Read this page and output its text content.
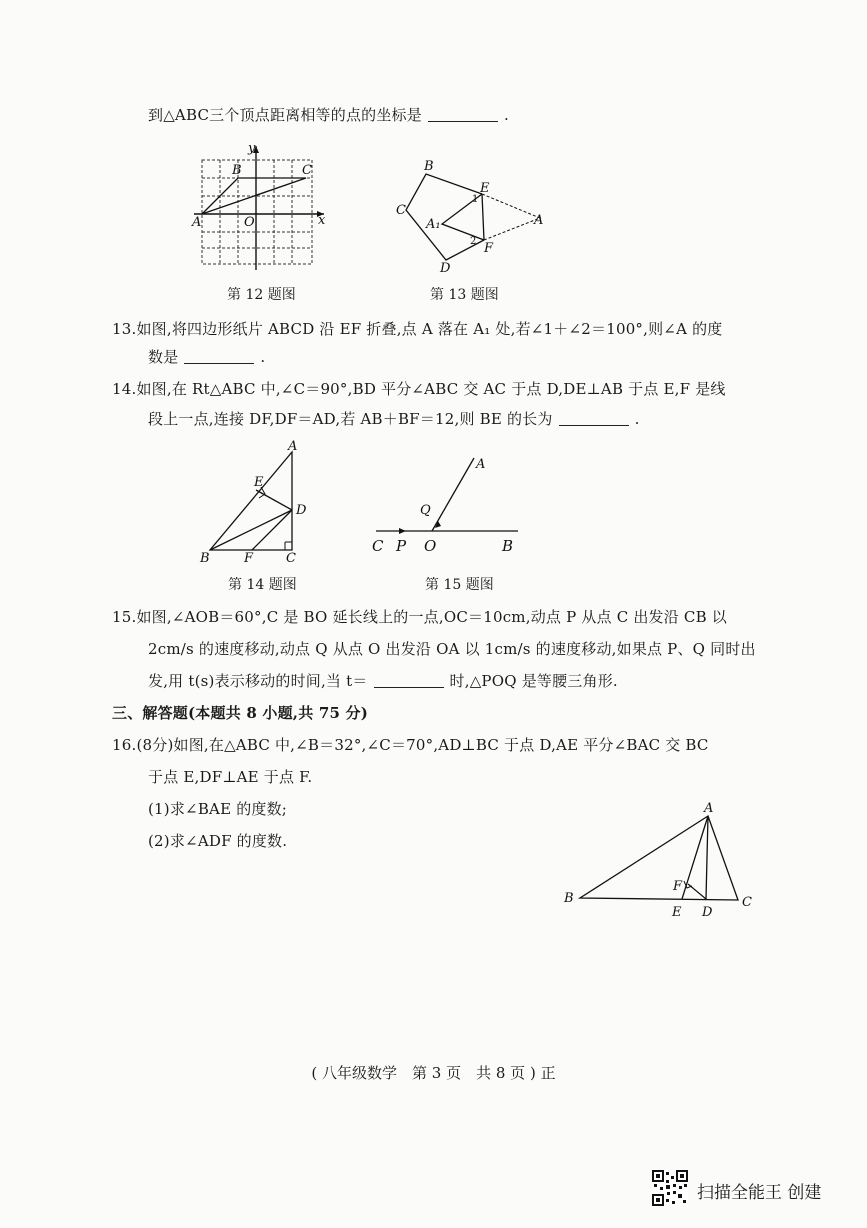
到△ABC三个顶点距离相等的点的坐标是	.
y
x
A
B	C
O
第 12 题图
B
C
D
E
F
A
A₁
1
2
第 13 题图
13.如图,将四边形纸片 ABCD 沿 EF 折叠,点 A 落在 A₁ 处,若∠1＋∠2＝100°,则∠A 的度
数是	.
14.如图,在 Rt△ABC 中,∠C＝90°,BD 平分∠ABC 交 AC 于点 D,DE⊥AB 于点 E,F 是线
段上一点,连接 DF,DF＝AD,若 AB＋BF＝12,则 BE 的长为	.
A
B	C
D
E
F
第 14 题图
A
Q
C P O	B
第 15 题图
15.如图,∠AOB＝60°,C 是 BO 延长线上的一点,OC＝10cm,动点 P 从点 C 出发沿 CB 以
2cm/s 的速度移动,动点 Q 从点 O 出发沿 OA 以 1cm/s 的速度移动,如果点 P、Q 同时出
发,用 t(s)表示移动的时间,当 t＝	时,△POQ 是等腰三角形.
三、解答题(本题共 8 小题,共 75 分)
16.(8分)如图,在△ABC 中,∠B＝32°,∠C＝70°,AD⊥BC 于点 D,AE 平分∠BAC 交 BC
于点 E,DF⊥AE 于点 F.
(1)求∠BAE 的度数;
(2)求∠ADF 的度数.
A
B	C
D
E
F
( 八年级数学　第 3 页　共 8 页 ) 正
扫描全能王 创建
